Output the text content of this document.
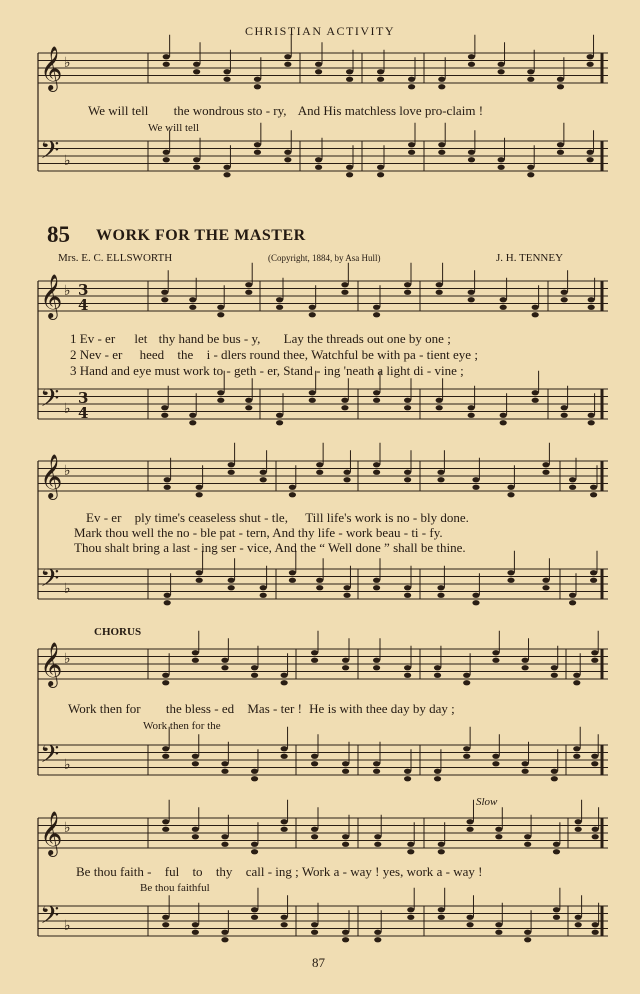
CHRISTIAN ACTIVITY
𝄞 ♭
𝄢 ♭
𝄞 ♭
𝄢 ♭
𝄞 ♭
𝄢 ♭
𝄞 ♭
𝄢 ♭
𝄞 ♭
𝄢 ♭
3
4
3
4
We will tell the wondrous sto - ry, And His matchless love pro-claim !
We will tell
85 WORK FOR THE MASTER
Mrs. E. C. ELLSWORTH	(Copyright, 1884, by Asa Hull)	J. H. TENNEY
1 Ev - er let thy hand be bus - y, Lay the threads out one by one ;
2 Nev - er heed the i - dlers round thee, Watchful be with pa - tient eye ;
3 Hand and eye must work to - geth - er, Stand - ing 'neath a light di - vine ;
Ev - er ply time's ceaseless shut - tle, Till life's work is no - bly done.
Mark thou well the no - ble pat - tern, And thy life - work beau - ti - fy.
Thou shalt bring a last - ing ser - vice, And the “ Well done ” shall be thine.
CHORUS
Work then for the bless - ed Mas - ter ! He is with thee day by day ;
Work then for the
Slow
Be thou faith - ful to thy call - ing ; Work a - way ! yes, work a - way !
Be thou faithful
87
